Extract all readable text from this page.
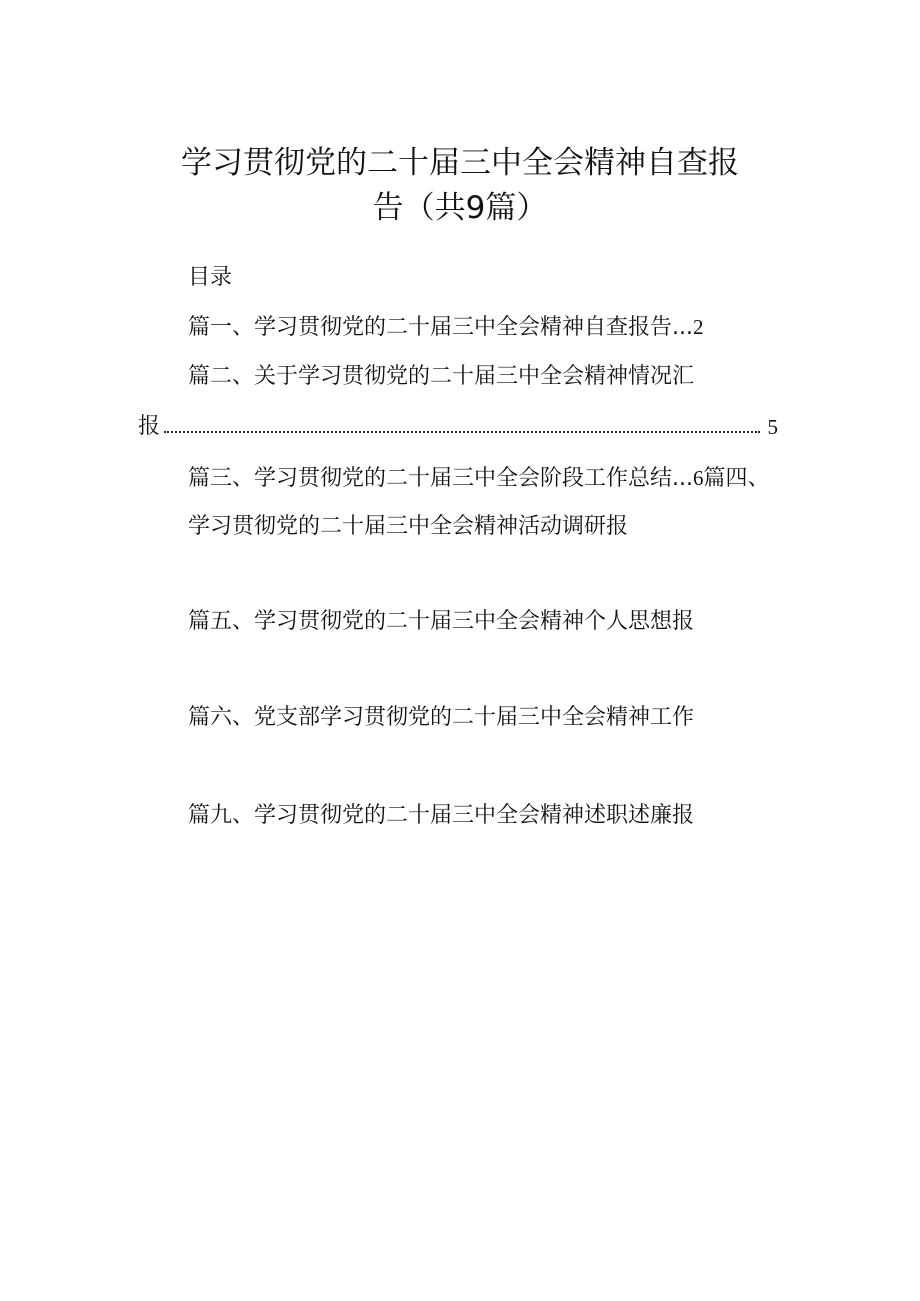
学习贯彻党的二十届三中全会精神自查报
告（共9篇）
目录
篇一、学习贯彻党的二十届三中全会精神自查报告...2
篇二、关于学习贯彻党的二十届三中全会精神情况汇
报	5
篇三、学习贯彻党的二十届三中全会阶段工作总结...6篇四、
学习贯彻党的二十届三中全会精神活动调研报
篇五、学习贯彻党的二十届三中全会精神个人思想报
篇六、党支部学习贯彻党的二十届三中全会精神工作
篇九、学习贯彻党的二十届三中全会精神述职述廉报
